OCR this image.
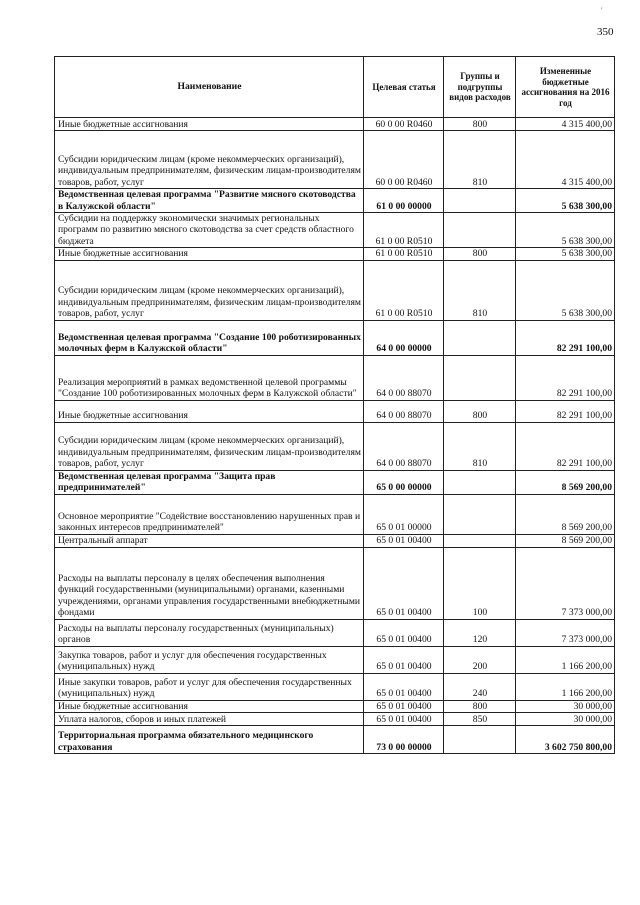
'
350
Наименование	Целевая статья	Группы и подгруппы видов расходов	Измененные бюджетные ассигнования на 2016 год
Иные бюджетные ассигнования	60 0 00 R0460	800	4 315 400,00
Субсидии юридическим лицам (кроме некоммерческих организаций), индивидуальным предпринимателям, физическим лицам-производителям товаров, работ, услуг	60 0 00 R0460	810	4 315 400,00
Ведомственная целевая программа "Развитие мясного скотоводства в Калужской области"	61 0 00 00000		5 638 300,00
Субсидии на поддержку экономически значимых региональных программ по развитию мясного скотоводства за счет средств областного бюджета	61 0 00 R0510		5 638 300,00
Иные бюджетные ассигнования	61 0 00 R0510	800	5 638 300,00
Субсидии юридическим лицам (кроме некоммерческих организаций), индивидуальным предпринимателям, физическим лицам-производителям товаров, работ, услуг	61 0 00 R0510	810	5 638 300,00
Ведомственная целевая программа "Создание 100 роботизированных молочных ферм в Калужской области"	64 0 00 00000		82 291 100,00
Реализация мероприятий в рамках ведомственной целевой программы "Создание 100 роботизированных молочных ферм в Калужской области"	64 0 00 88070		82 291 100,00
Иные бюджетные ассигнования	64 0 00 88070	800	82 291 100,00
Субсидии юридическим лицам (кроме некоммерческих организаций), индивидуальным предпринимателям, физическим лицам-производителям товаров, работ, услуг	64 0 00 88070	810	82 291 100,00
Ведомственная целевая программа "Защита прав предпринимателей"	65 0 00 00000		8 569 200,00
Основное мероприятие "Содействие восстановлению нарушенных прав и законных интересов предпринимателей"	65 0 01 00000		8 569 200,00
Центральный аппарат	65 0 01 00400		8 569 200,00
Расходы на выплаты персоналу в целях обеспечения выполнения функций государственными (муниципальными) органами, казенными учреждениями, органами управления государственными внебюджетными фондами	65 0 01 00400	100	7 373 000,00
Расходы на выплаты персоналу государственных (муниципальных) органов	65 0 01 00400	120	7 373 000,00
Закупка товаров, работ и услуг для обеспечения государственных (муниципальных) нужд	65 0 01 00400	200	1 166 200,00
Иные закупки товаров, работ и услуг для обеспечения государственных (муниципальных) нужд	65 0 01 00400	240	1 166 200,00
Иные бюджетные ассигнования	65 0 01 00400	800	30 000,00
Уплата налогов, сборов и иных платежей	65 0 01 00400	850	30 000,00
Территориальная программа обязательного медицинского страхования	73 0 00 00000		3 602 750 800,00
